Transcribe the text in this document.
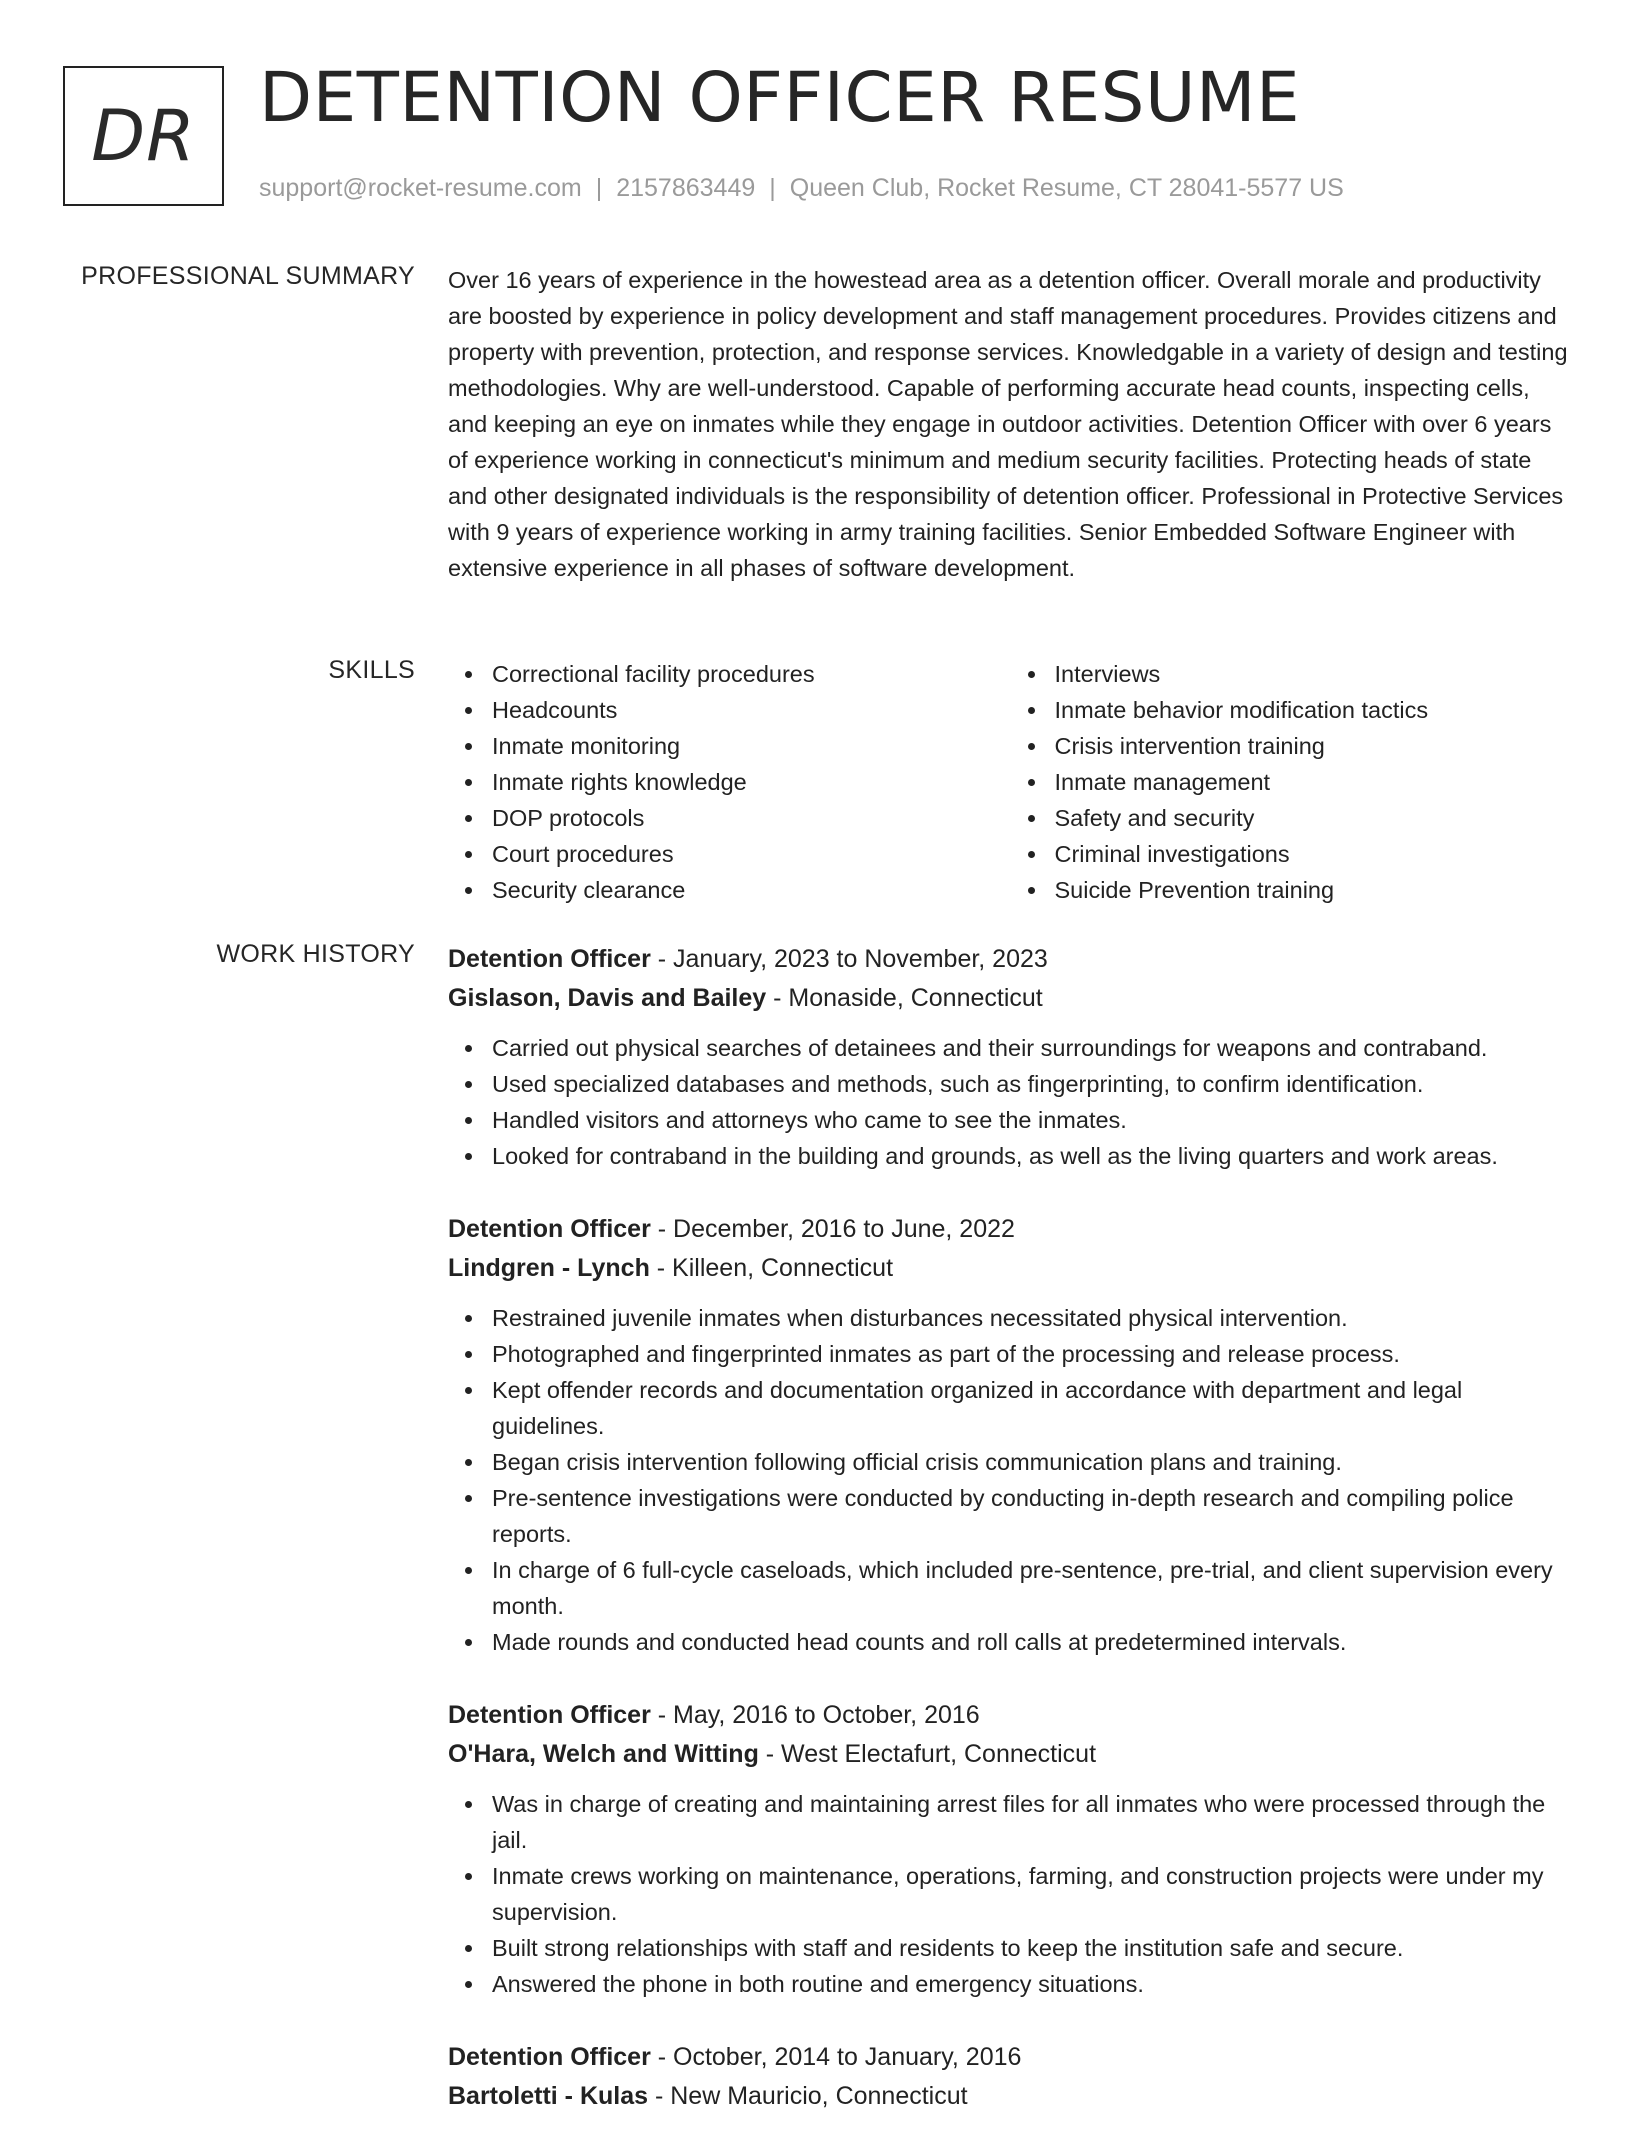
DR DETENTION OFFICER RESUME
support@rocket-resume.com | 2157863449 | Queen Club, Rocket Resume, CT 28041-5577 US
PROFESSIONAL SUMMARY Over 16 years of experience in the howestead area as a detention officer. Overall morale and productivity are boosted by experience in policy development and staff management procedures. Provides citizens and property with prevention, protection, and response services. Knowledgable in a variety of design and testing methodologies. Why are well-understood. Capable of performing accurate head counts, inspecting cells, and keeping an eye on inmates while they engage in outdoor activities. Detention Officer with over 6 years of experience working in connecticut's minimum and medium security facilities. Protecting heads of state and other designated individuals is the responsibility of detention officer. Professional in Protective Services with 9 years of experience working in army training facilities. Senior Embedded Software Engineer with extensive experience in all phases of software development.

SKILLS	Correctional facility procedures
Headcounts
Inmate monitoring
Inmate rights knowledge
DOP protocols
Court procedures
Security clearance
Interviews
Inmate behavior modification tactics
Crisis intervention training
Inmate management
Safety and security
Criminal investigations
Suicide Prevention training
WORK HISTORY Detention Officer - January, 2023 to November, 2023
Gislason, Davis and Bailey - Monaside, Connecticut
Carried out physical searches of detainees and their surroundings for weapons and contraband.
Used specialized databases and methods, such as fingerprinting, to confirm identification.
Handled visitors and attorneys who came to see the inmates.
Looked for contraband in the building and grounds, as well as the living quarters and work areas.
Detention Officer - December, 2016 to June, 2022
Lindgren - Lynch - Killeen, Connecticut
Restrained juvenile inmates when disturbances necessitated physical intervention.
Photographed and fingerprinted inmates as part of the processing and release process.
Kept offender records and documentation organized in accordance with department and legal guidelines.
Began crisis intervention following official crisis communication plans and training.
Pre-sentence investigations were conducted by conducting in-depth research and compiling police reports.
In charge of 6 full-cycle caseloads, which included pre-sentence, pre-trial, and client supervision every month.
Made rounds and conducted head counts and roll calls at predetermined intervals.
Detention Officer - May, 2016 to October, 2016
O'Hara, Welch and Witting - West Electafurt, Connecticut
Was in charge of creating and maintaining arrest files for all inmates who were processed through the jail.
Inmate crews working on maintenance, operations, farming, and construction projects were under my supervision.
Built strong relationships with staff and residents to keep the institution safe and secure.
Answered the phone in both routine and emergency situations.
Detention Officer - October, 2014 to January, 2016
Bartoletti - Kulas - New Mauricio, Connecticut
